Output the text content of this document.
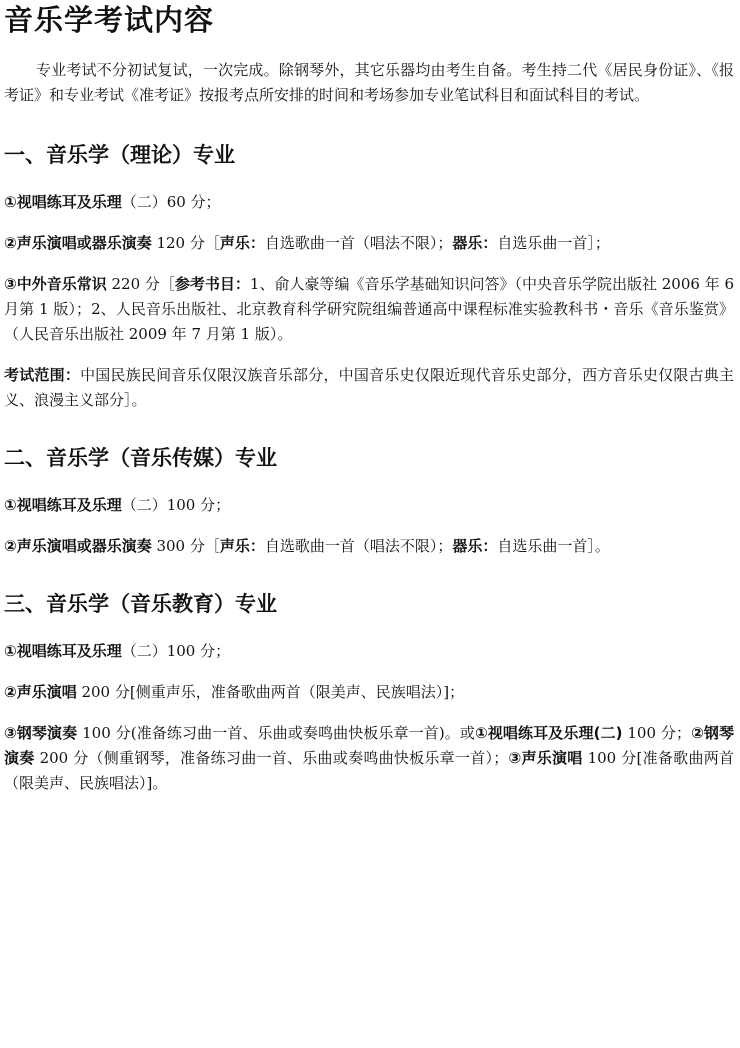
音乐学考试内容

专业考试不分初试复试，一次完成。除钢琴外，其它乐器均由考生自备。考生持二代《居民身份证》、《报考证》和专业考试《准考证》按报考点所安排的时间和考场参加专业笔试科目和面试科目的考试。

一、音乐学（理论）专业

①视唱练耳及乐理（二）60 分；

②声乐演唱或器乐演奏 120 分［声乐：自选歌曲一首（唱法不限）；器乐：自选乐曲一首］；

③中外音乐常识 220 分［参考书目：1、俞人豪等编《音乐学基础知识问答》（中央音乐学院出版社 2006 年 6 月第 1 版）；2、人民音乐出版社、北京教育科学研究院组编普通高中课程标准实验教科书・音乐《音乐鉴赏》（人民音乐出版社 2009 年 7 月第 1 版）。

考试范围：中国民族民间音乐仅限汉族音乐部分，中国音乐史仅限近现代音乐史部分，西方音乐史仅限古典主义、浪漫主义部分］。

二、音乐学（音乐传媒）专业

①视唱练耳及乐理（二）100 分；

②声乐演唱或器乐演奏 300 分［声乐：自选歌曲一首（唱法不限）；器乐：自选乐曲一首］。

三、音乐学（音乐教育）专业

①视唱练耳及乐理（二）100 分；

②声乐演唱 200 分[侧重声乐，准备歌曲两首（限美声、民族唱法）]；

③钢琴演奏 100 分(准备练习曲一首、乐曲或奏鸣曲快板乐章一首)。或①视唱练耳及乐理(二) 100 分；②钢琴演奏 200 分（侧重钢琴，准备练习曲一首、乐曲或奏鸣曲快板乐章一首）；③声乐演唱 100 分[准备歌曲两首（限美声、民族唱法）]。
